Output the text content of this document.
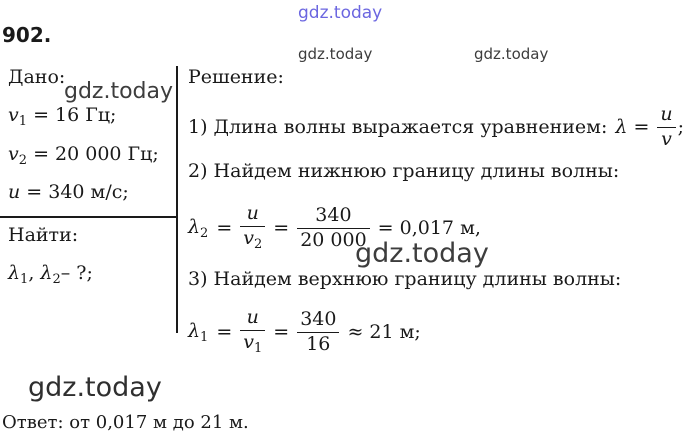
gdz.today
gdz.today	gdz.today
902.
Дано:
gdz.today
$v_1 = 16$ Гц;
$v_2 = 20$ 000 Гц;
u = 340 м/с;
Найти:
$\lambda_1$, $\lambda_2-$ ?;
Решение:
1) Длина волны выражается уравнением: $\lambda = \frac{u}{v}$ ;
2) Найдем нижнюю границу длины волны:
$\lambda_2 = \frac{u}{v_2} = \frac{340}{20 000} = 0,017$ м,
gdz.today
3) Найдем верхнюю границу длины волны:
$\lambda_1 = \frac{u}{v_1} = \frac{340}{16} \approx 21$ м;
gdz.today
Ответ: от 0,017 м до 21 м.
